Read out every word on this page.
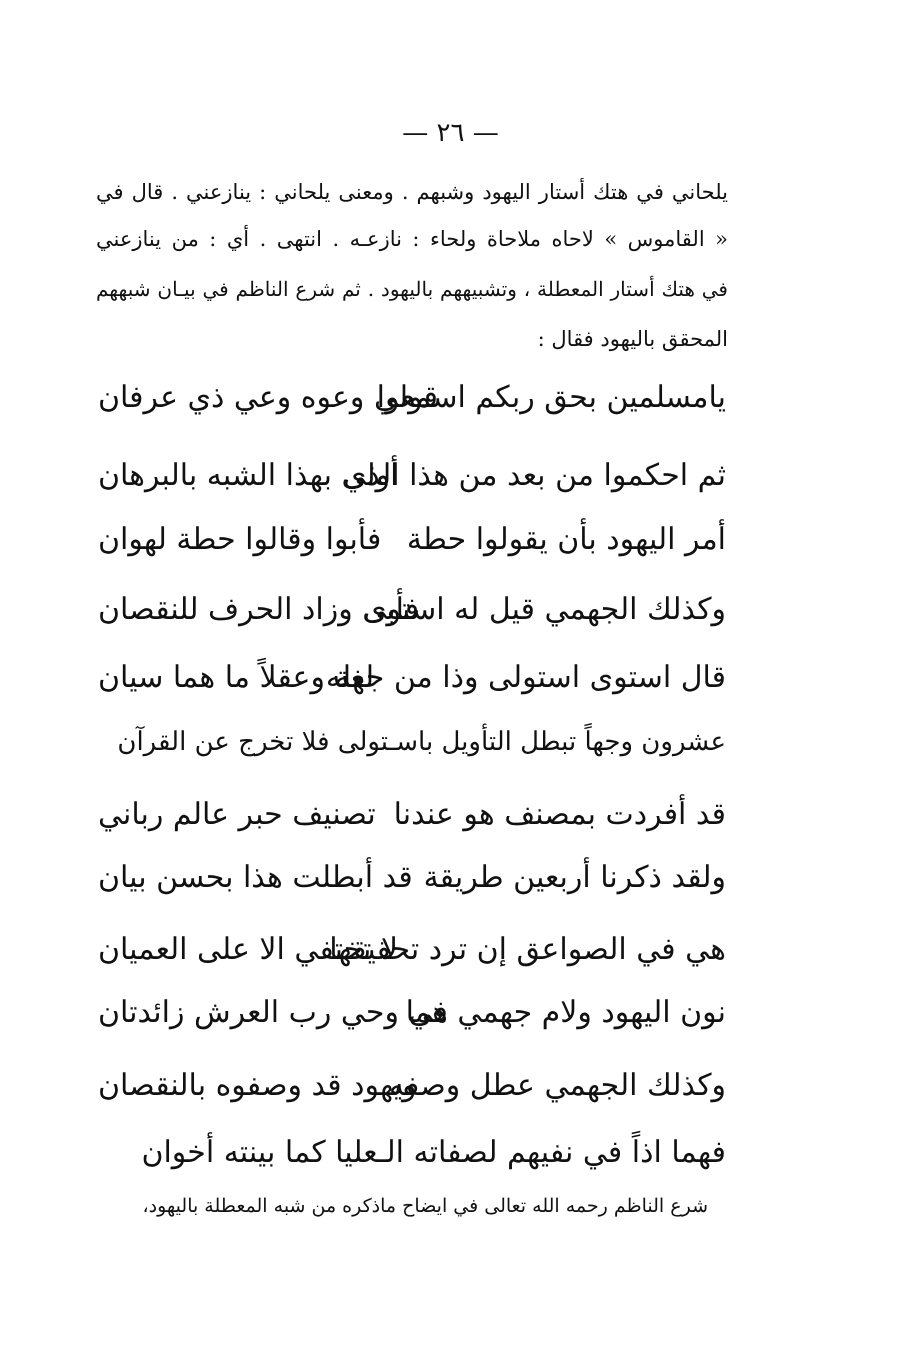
— ٢٦ —
يلحاني في هتك أستار اليهود وشبهم . ومعنى يلحاني : ينازعني . قال في
« القاموس » لاحاه ملاحاة ولحاء : نازعـه . انتهى . أي : من ينازعني
في هتك أستار المعطلة ، وتشبيههم باليهود . ثم شرع الناظم في بيـان شبههم
المحقق باليهود فقال :
يامسلمين بحق ربكم اسمعوا
قولي وعوه وعي ذي عرفان
ثم احكموا من بعد من هذا الذي
أولى بهذا الشبه بالبرهان
أمر اليهود بأن يقولوا حطة
فأبوا وقالوا حطة لهوان
وكذلك الجهمي قيل له استوى
فأبى وزاد الحرف للنقصان
قال استوى استولى وذا من جهله
لغة وعقلاً ما هما سيان
عشرون وجهاً تبطل التأويل باسـتولى فلا تخرج عن القرآن
قد أفردت بمصنف هو عندنا
تصنيف حبر عالم رباني
ولقد ذكرنا أربعين طريقة
قد أبطلت هذا بحسن بيان
هي في الصواعق إن ترد تحقيقها
لا تختفي الا على العميان
نون اليهود ولام جهمي هما
في وحي رب العرش زائدتان
وكذلك الجهمي عطل وصفه
ويهود قد وصفوه بالنقصان
فهما اذاً في نفيهم لصفاته الـعليا كما بينته أخوان
شرع الناظم رحمه الله تعالى في ايضاح ماذكره من شبه المعطلة باليهود،
